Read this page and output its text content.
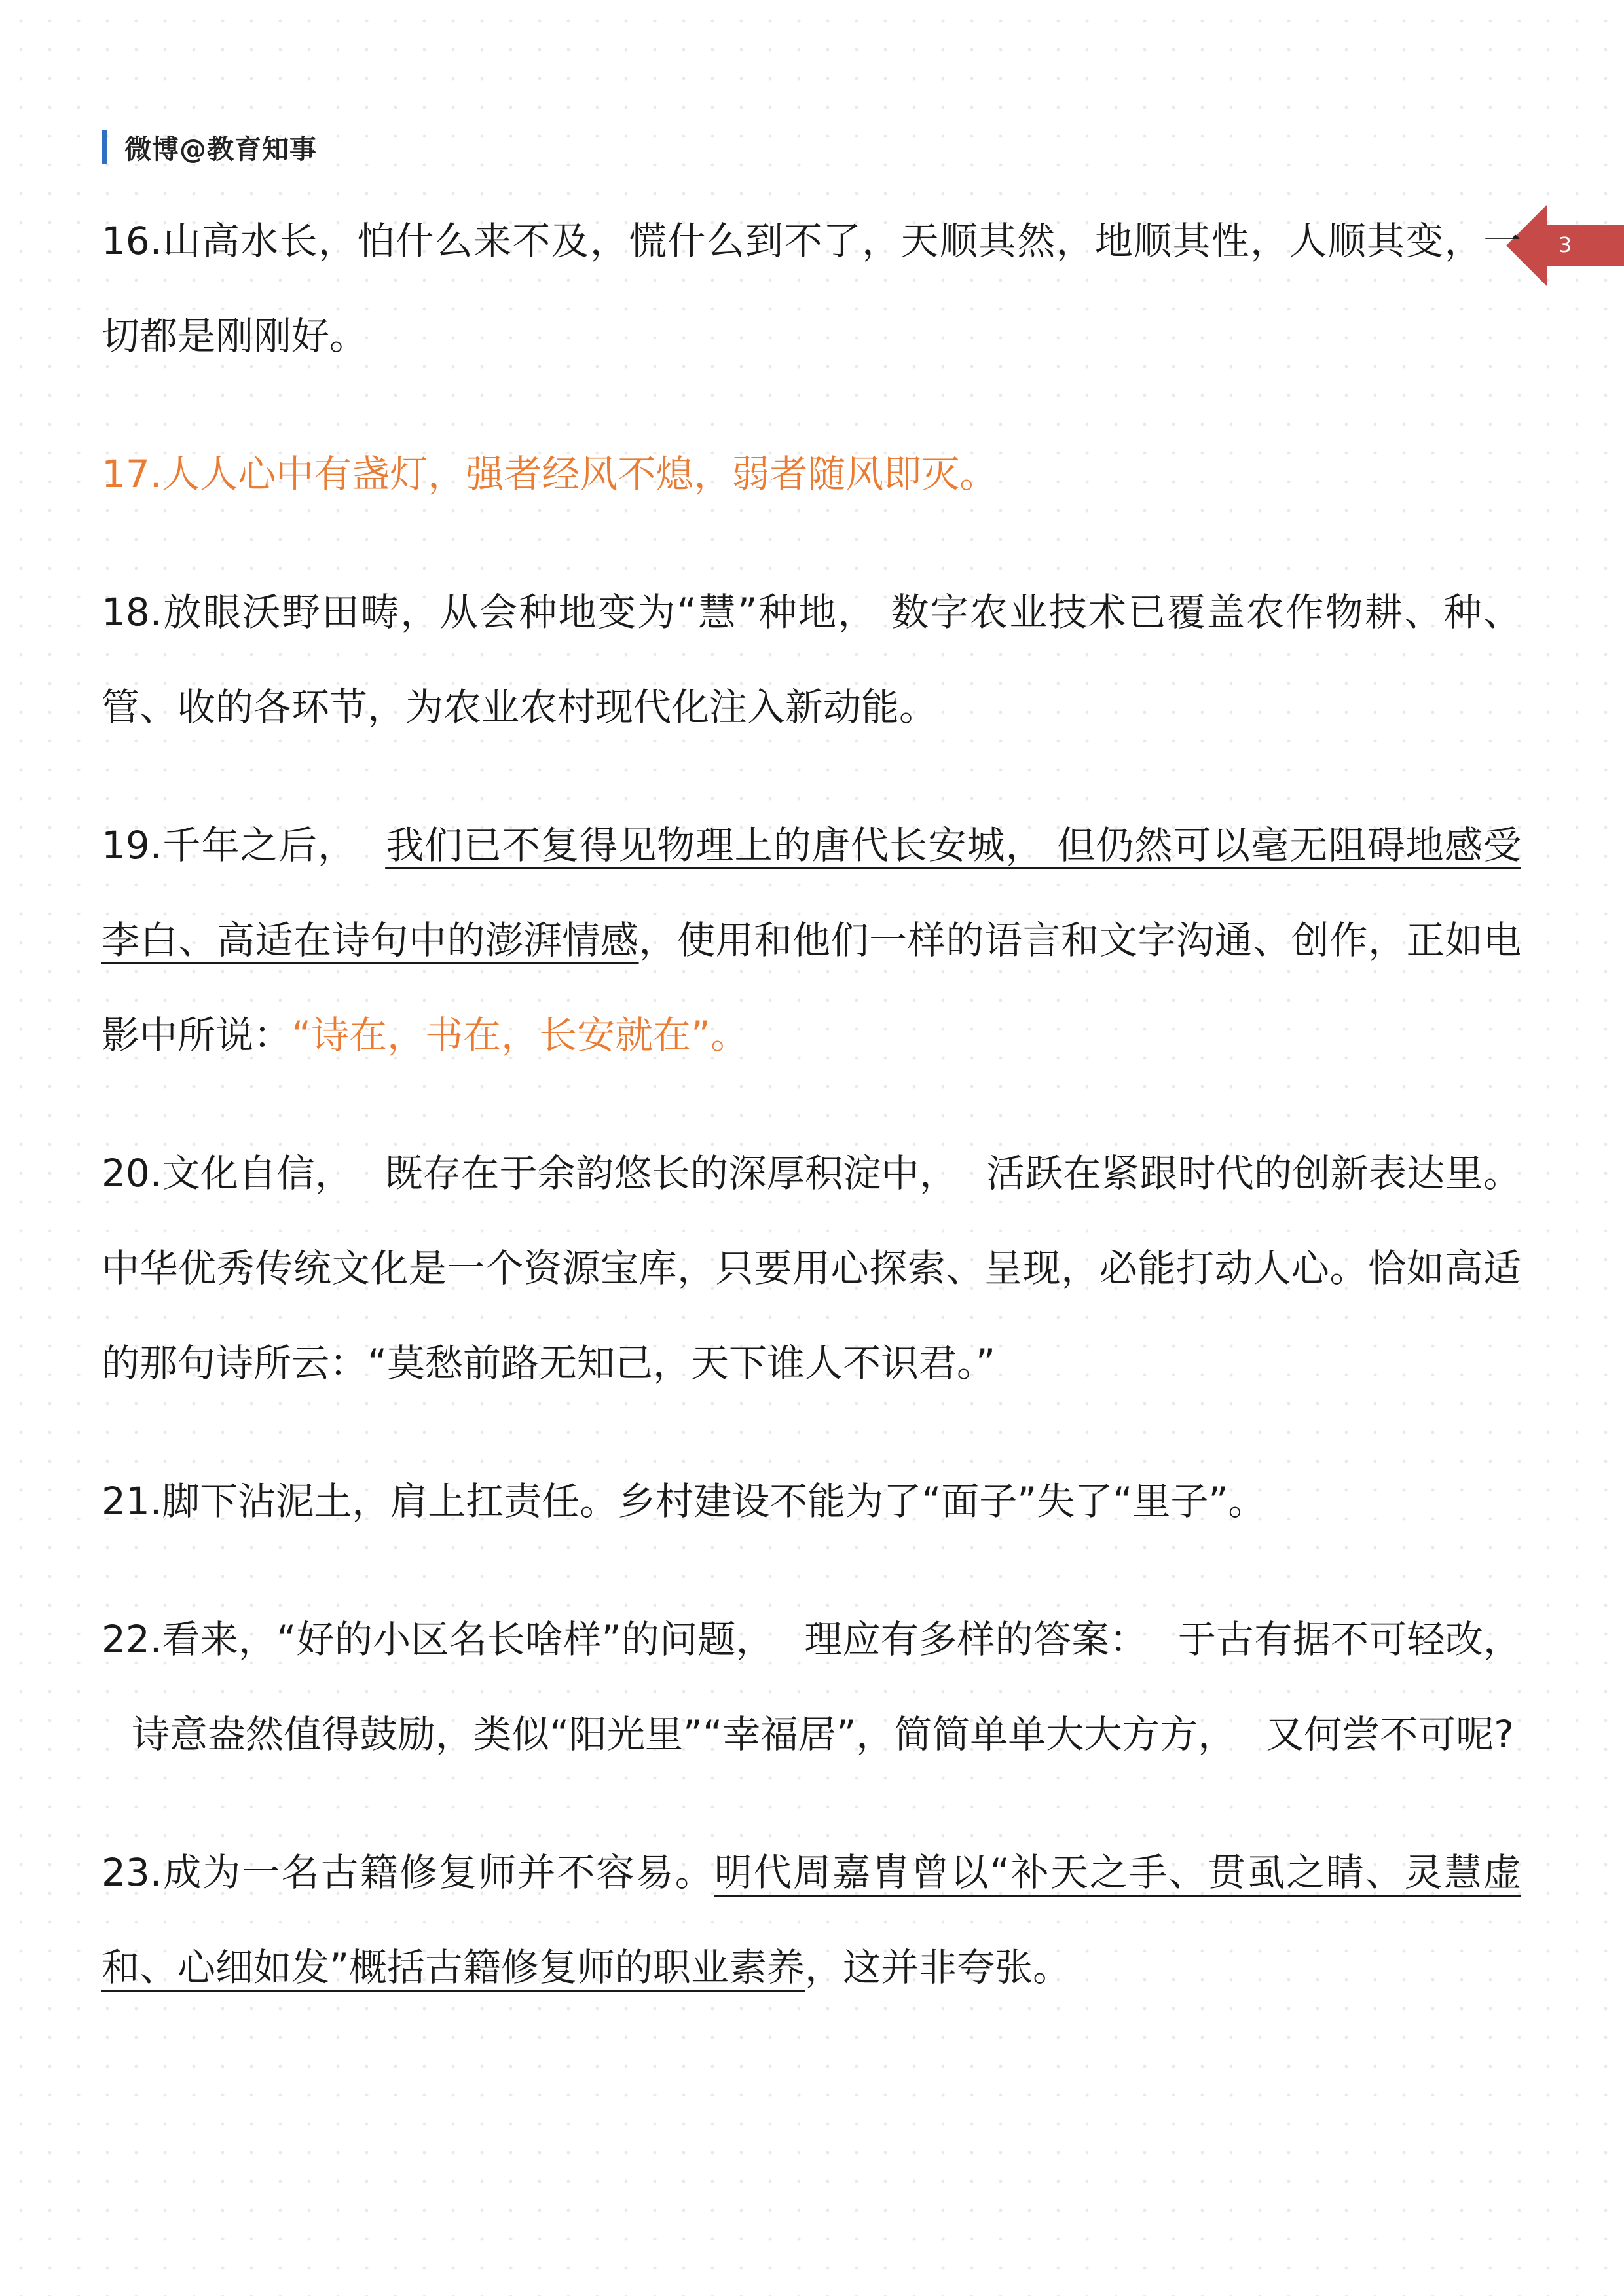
微博@教育知事
3

16.山高水长，怕什么来不及，慌什么到不了，天顺其然，地顺其性，人顺其变，一切都是刚刚好。

17.人人心中有盏灯，强者经风不熄，弱者随风即灭。

18.放眼沃野田畴，从会种地变为“慧”种地， 数字农业技术已覆盖农作物耕、种、管、收的各环节，为农业农村现代化注入新动能。

19.千年之后， 我们已不复得见物理上的唐代长安城， 但仍然可以毫无阻碍地感受李白、高适在诗句中的澎湃情感，使用和他们一样的语言和文字沟通、创作，正如电影中所说：“诗在，书在，长安就在”。

20.文化自信， 既存在于余韵悠长的深厚积淀中， 活跃在紧跟时代的创新表达里。中华优秀传统文化是一个资源宝库，只要用心探索、呈现，必能打动人心。恰如高适的那句诗所云：“莫愁前路无知己，天下谁人不识君。”

21.脚下沾泥土，肩上扛责任。乡村建设不能为了“面子”失了“里子”。

22.看来，“好的小区名长啥样”的问题， 理应有多样的答案： 于古有据不可轻改，诗意盎然值得鼓励，类似“阳光里”“幸福居”，简简单单大大方方， 又何尝不可呢?

23.成为一名古籍修复师并不容易。明代周嘉胄曾以“补天之手、贯虱之睛、灵慧虚和、心细如发”概括古籍修复师的职业素养，这并非夸张。
